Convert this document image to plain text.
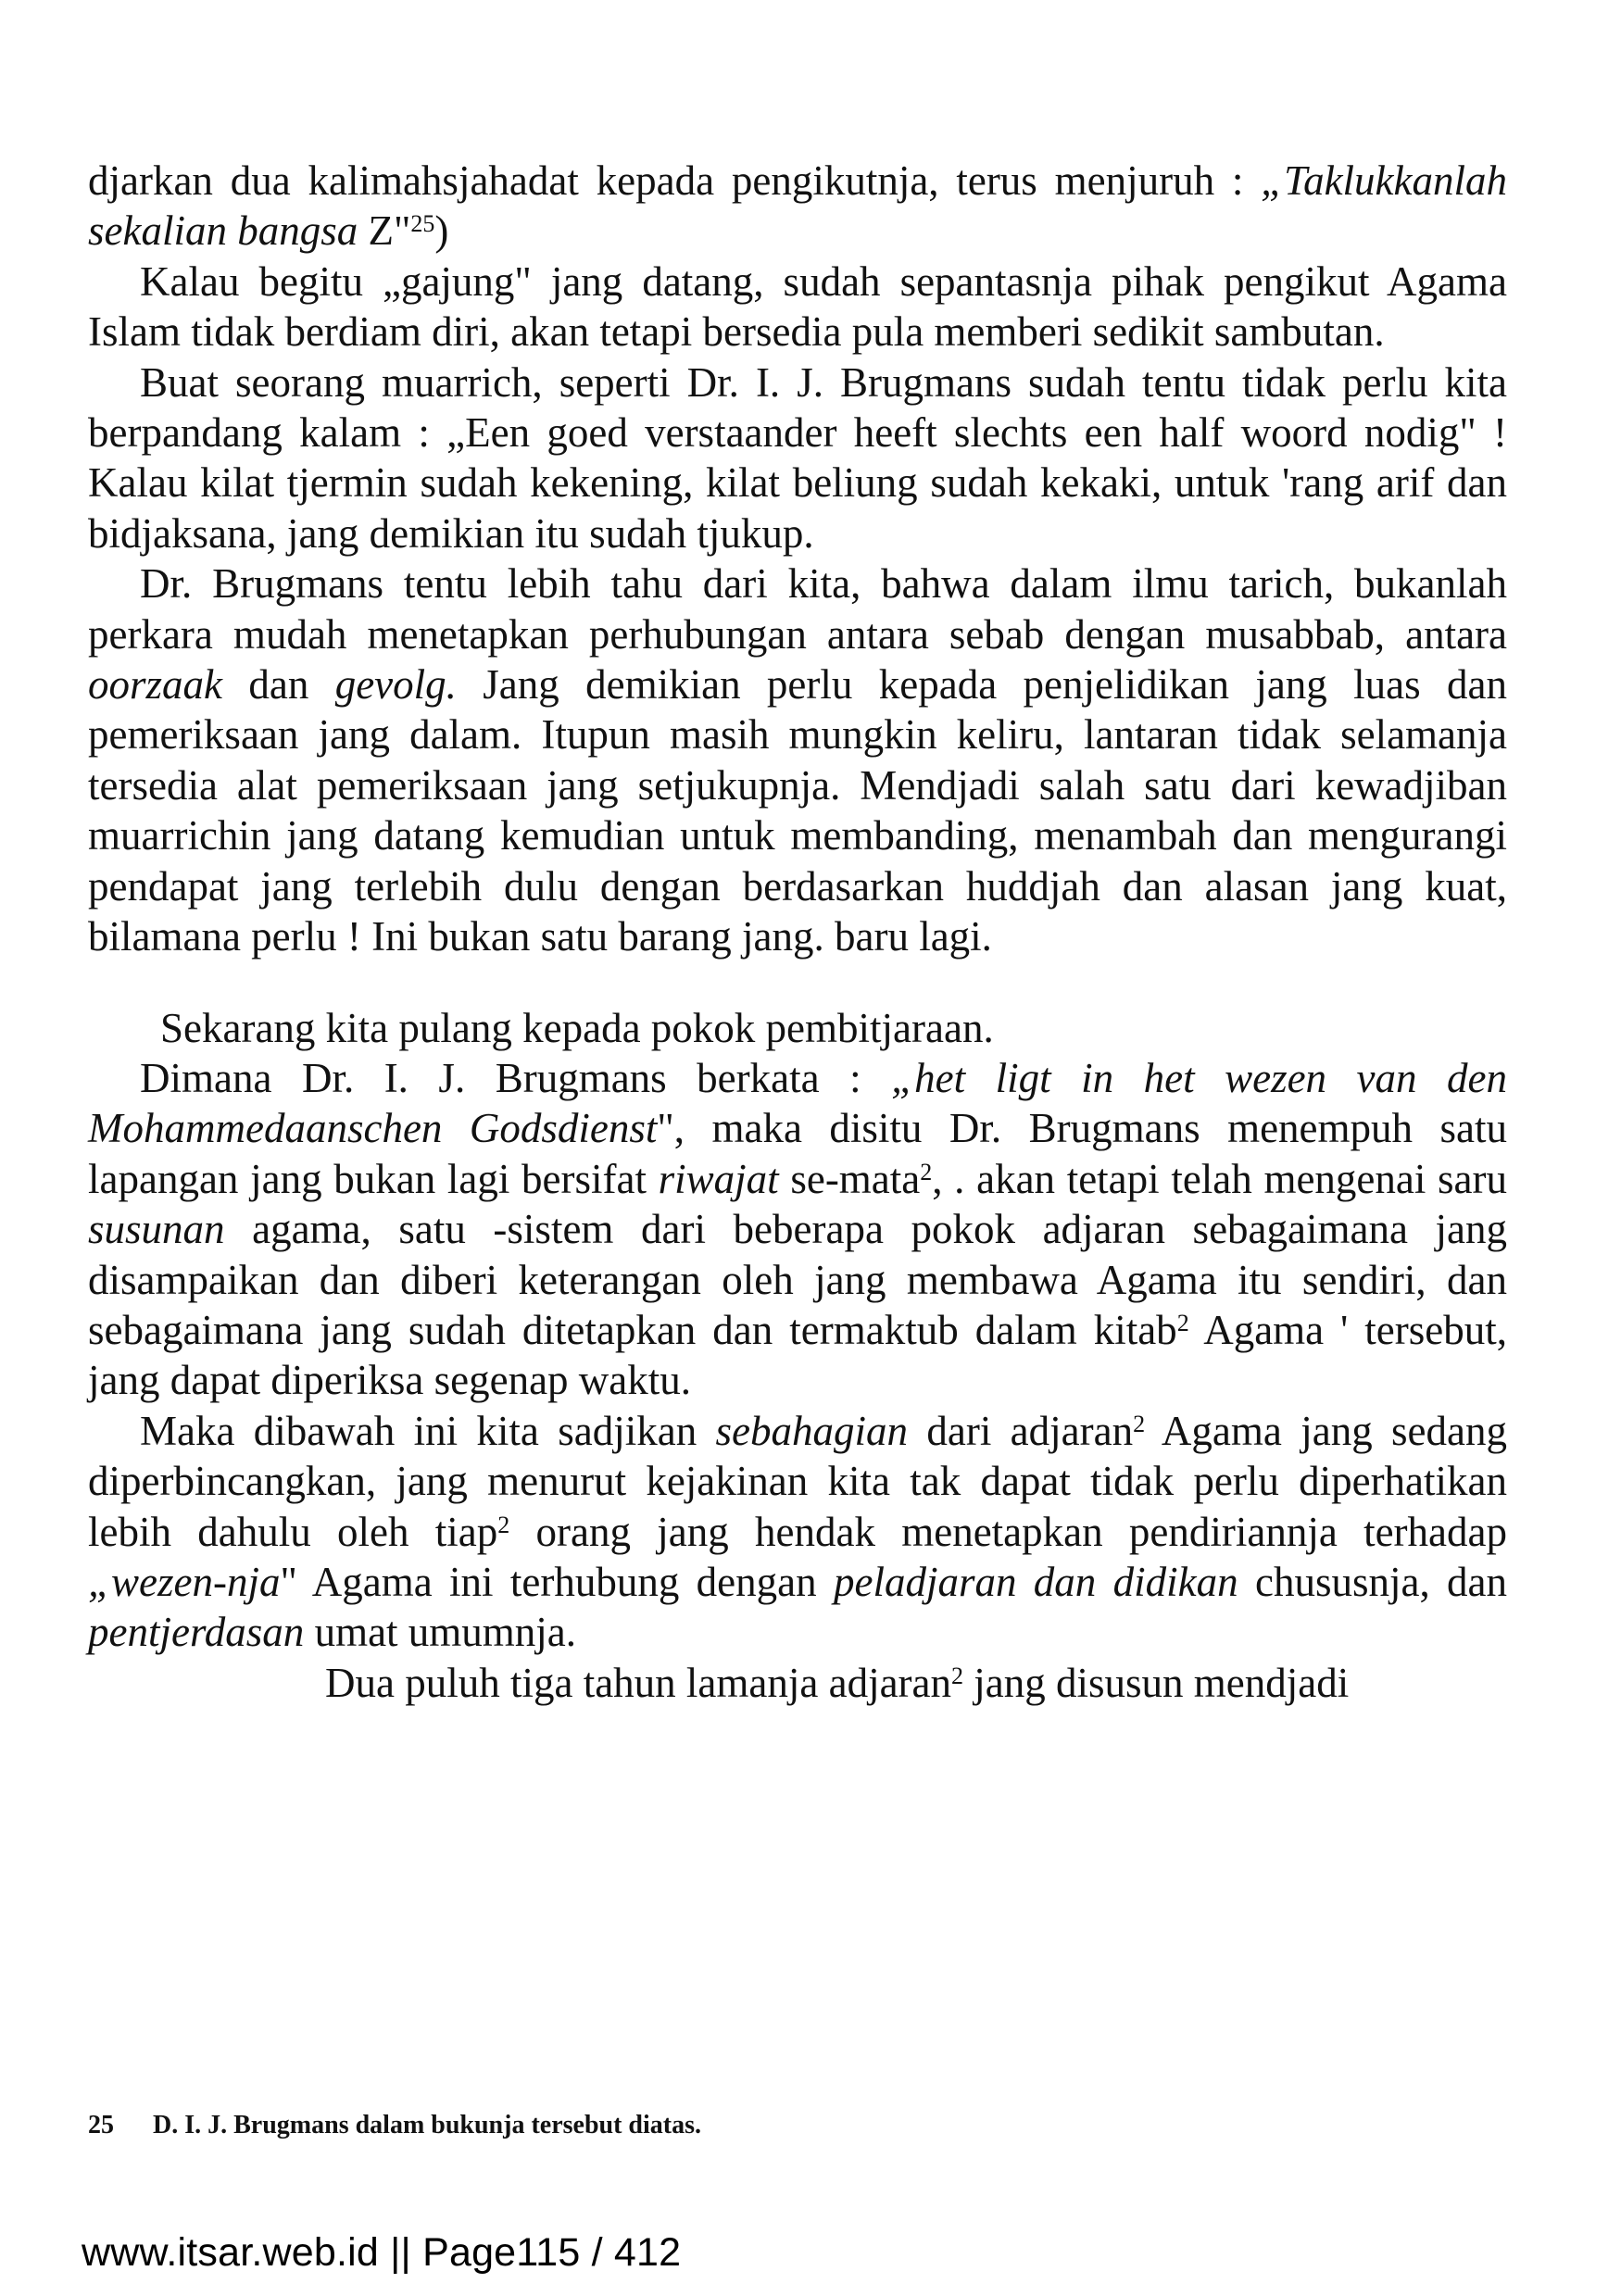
djarkan dua kalimahsjahadat kepada pengikutnja, terus menjuruh : „Taklukkanlah sekalian bangsa Z"$^{25}$)

Kalau begitu „gajung" jang datang, sudah sepantasnja pihak pengikut Agama Islam tidak berdiam diri, akan tetapi bersedia pula memberi sedikit sambutan.

Buat seorang muarrich, seperti Dr. I. J. Brugmans sudah tentu tidak perlu kita berpandang kalam : „Een goed verstaander heeft slechts een half woord nodig" ! Kalau kilat tjermin sudah kekening, kilat beliung sudah kekaki, untuk 'rang arif dan bidjaksana, jang demikian itu sudah tjukup.

Dr. Brugmans tentu lebih tahu dari kita, bahwa dalam ilmu tarich, bukanlah perkara mudah menetapkan perhubungan antara sebab dengan musabbab, antara oorzaak dan gevolg. Jang demikian perlu kepada penjelidikan jang luas dan pemeriksaan jang dalam. Itupun masih mungkin keliru, lantaran tidak selamanja tersedia alat pemeriksaan jang setjukupnja. Mendjadi salah satu dari kewadjiban muarrichin jang datang kemudian untuk membanding, menambah dan mengurangi pendapat jang terlebih dulu dengan berdasarkan huddjah dan alasan jang kuat, bilamana perlu ! Ini bukan satu barang jang. baru lagi.

Sekarang kita pulang kepada pokok pembitjaraan.

Dimana Dr. I. J. Brugmans berkata : „het ligt in het wezen van den Mohammedaanschen Godsdienst", maka disitu Dr. Brugmans menempuh satu lapangan jang bukan lagi bersifat riwajat se-mata$^2$, . akan tetapi telah mengenai saru susunan agama, satu -sistem dari beberapa pokok adjaran sebagaimana jang disampaikan dan diberi keterangan oleh jang membawa Agama itu sendiri, dan sebagaimana jang sudah ditetapkan dan termaktub dalam kitab$^2$ Agama ' tersebut, jang dapat diperiksa segenap waktu.

Maka dibawah ini kita sadjikan sebahagian dari adjaran$^2$ Agama jang sedang diperbincangkan, jang menurut kejakinan kita tak dapat tidak perlu diperhatikan lebih dahulu oleh tiap$^2$ orang jang hendak menetapkan pendiriannja terhadap „wezen-nja" Agama ini terhubung dengan peladjaran dan didikan chususnja, dan pentjerdasan umat umumnja.

Dua puluh tiga tahun lamanja adjaran$^2$ jang disusun mendjadi

25 D. I. J. Brugmans dalam bukunja tersebut diatas.
www.itsar.web.id || Page115 / 412
